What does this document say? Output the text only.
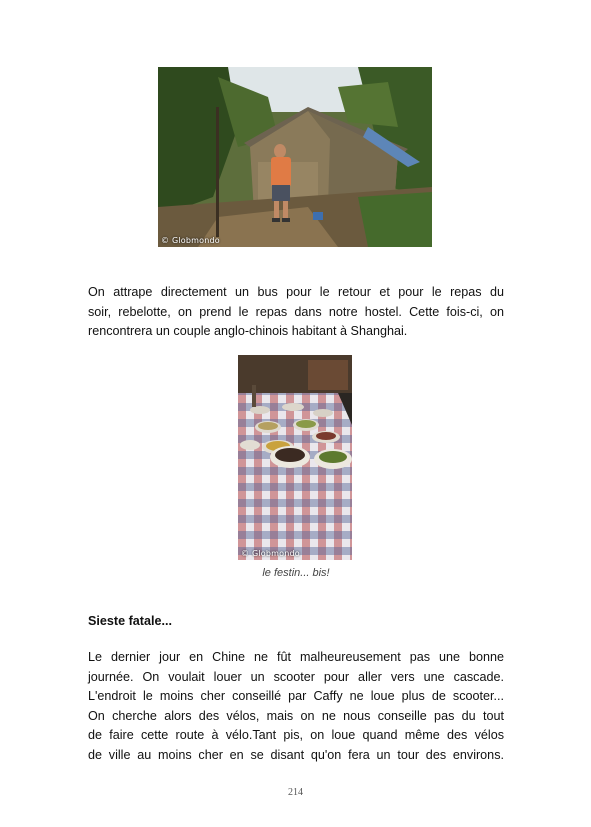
© Globmondo

On attrape directement un bus pour le retour et pour le repas du
soir, rebelotte, on prend le repas dans notre hostel. Cette fois-ci, on
rencontrera un couple anglo-chinois habitant à Shanghai.

© Globmondo
le festin... bis!
Sieste fatale...

Le dernier jour en Chine ne fût malheureusement pas une bonne
journée. On voulait louer un scooter pour aller vers une cascade.
L'endroit le moins cher conseillé par Caffy ne loue plus de scooter...
On cherche alors des vélos, mais on ne nous conseille pas du tout
de faire cette route à vélo.Tant pis, on loue quand même des vélos
de ville au moins cher en se disant qu'on fera un tour des environs.

214
